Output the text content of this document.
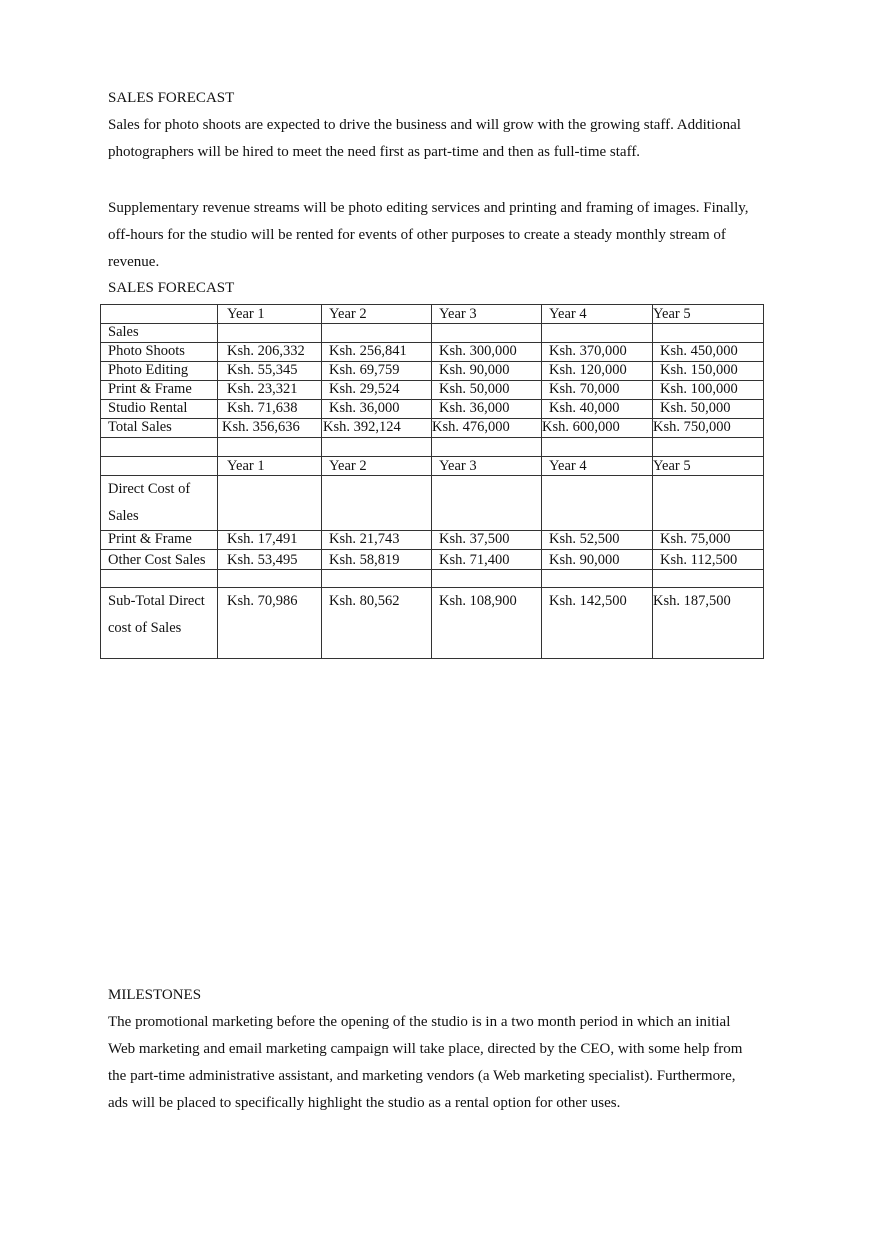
SALES FORECAST
Sales for photo shoots are expected to drive the business and will grow with the growing staff. Additional
photographers will be hired to meet the need first as part-time and then as full-time staff.
Supplementary revenue streams will be photo editing services and printing and framing of images. Finally,
off-hours for the studio will be rented for events of other purposes to create a steady monthly stream of
revenue.
SALES FORECAST
	Year 1	Year 2	Year 3	Year 4	Year 5
Sales					
Photo Shoots	Ksh. 206,332	Ksh. 256,841	Ksh. 300,000	Ksh. 370,000	Ksh. 450,000
Photo Editing	Ksh. 55,345	Ksh. 69,759	Ksh. 90,000	Ksh. 120,000	Ksh. 150,000
Print & Frame	Ksh. 23,321	Ksh. 29,524	Ksh. 50,000	Ksh. 70,000	Ksh. 100,000
Studio Rental	Ksh. 71,638	Ksh. 36,000	Ksh. 36,000	Ksh. 40,000	Ksh. 50,000
Total Sales	Ksh. 356,636	Ksh. 392,124	Ksh. 476,000	Ksh. 600,000	Ksh. 750,000

	Year 1	Year 2	Year 3	Year 4	Year 5
Direct Cost of Sales					
Print & Frame	Ksh. 17,491	Ksh. 21,743	Ksh. 37,500	Ksh. 52,500	Ksh. 75,000
Other Cost Sales	Ksh. 53,495	Ksh. 58,819	Ksh. 71,400	Ksh. 90,000	Ksh. 112,500

Sub-Total Direct cost of Sales	Ksh. 70,986	Ksh. 80,562	Ksh. 108,900	Ksh. 142,500	Ksh. 187,500
MILESTONES
The promotional marketing before the opening of the studio is in a two month period in which an initial
Web marketing and email marketing campaign will take place, directed by the CEO, with some help from
the part-time administrative assistant, and marketing vendors (a Web marketing specialist). Furthermore,
ads will be placed to specifically highlight the studio as a rental option for other uses.
